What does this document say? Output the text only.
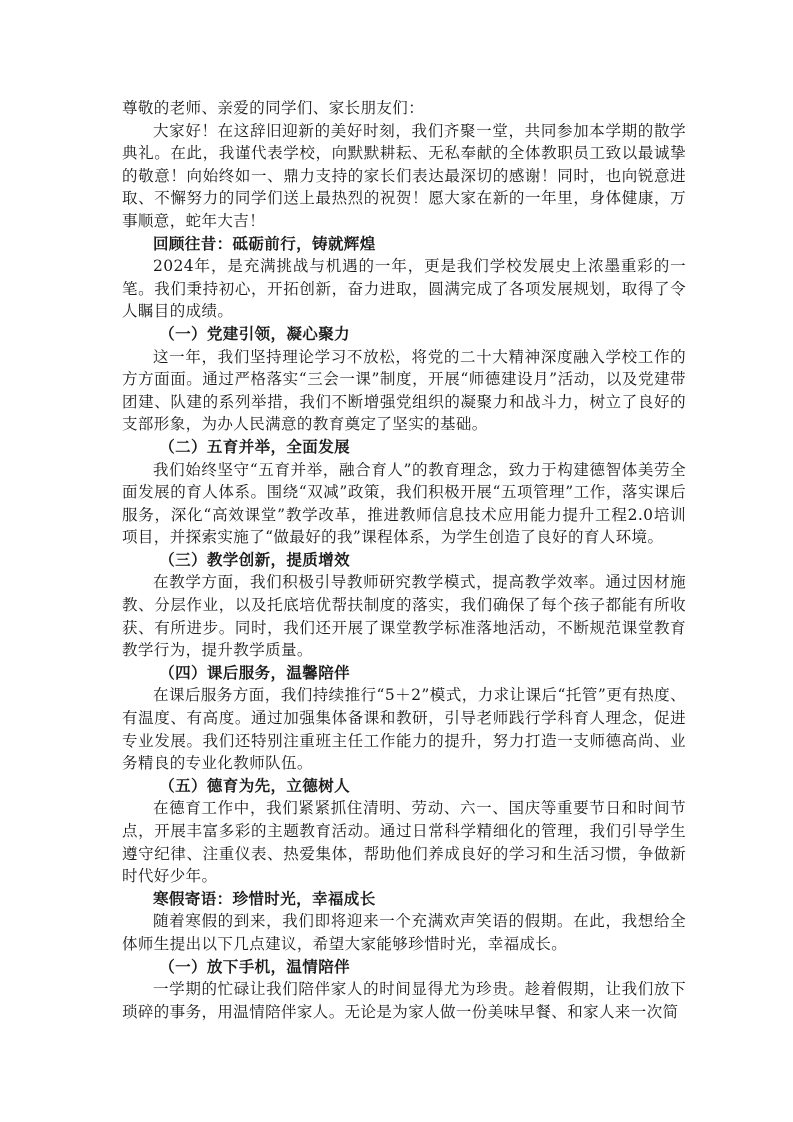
尊敬的老师、亲爱的同学们、家长朋友们：

大家好！在这辞旧迎新的美好时刻，我们齐聚一堂，共同参加本学期的散学典礼。在此，我谨代表学校，向默默耕耘、无私奉献的全体教职员工致以最诚挚的敬意！向始终如一、鼎力支持的家长们表达最深切的感谢！同时，也向锐意进取、不懈努力的同学们送上最热烈的祝贺！愿大家在新的一年里，身体健康，万事顺意，蛇年大吉！

回顾往昔：砥砺前行，铸就辉煌

2024年，是充满挑战与机遇的一年，更是我们学校发展史上浓墨重彩的一笔。我们秉持初心，开拓创新，奋力进取，圆满完成了各项发展规划，取得了令人瞩目的成绩。

（一）党建引领，凝心聚力

这一年，我们坚持理论学习不放松，将党的二十大精神深度融入学校工作的方方面面。通过严格落实“三会一课”制度，开展“师德建设月”活动，以及党建带团建、队建的系列举措，我们不断增强党组织的凝聚力和战斗力，树立了良好的支部形象，为办人民满意的教育奠定了坚实的基础。

（二）五育并举，全面发展

我们始终坚守“五育并举，融合育人”的教育理念，致力于构建德智体美劳全面发展的育人体系。围绕“双减”政策，我们积极开展“五项管理”工作，落实课后服务，深化“高效课堂”教学改革，推进教师信息技术应用能力提升工程2.0培训项目，并探索实施了“做最好的我”课程体系，为学生创造了良好的育人环境。

（三）教学创新，提质增效

在教学方面，我们积极引导教师研究教学模式，提高教学效率。通过因材施教、分层作业，以及托底培优帮扶制度的落实，我们确保了每个孩子都能有所收获、有所进步。同时，我们还开展了课堂教学标准落地活动，不断规范课堂教育教学行为，提升教学质量。

（四）课后服务，温馨陪伴

在课后服务方面，我们持续推行“5＋2”模式，力求让课后“托管”更有热度、有温度、有高度。通过加强集体备课和教研，引导老师践行学科育人理念，促进专业发展。我们还特别注重班主任工作能力的提升，努力打造一支师德高尚、业务精良的专业化教师队伍。

（五）德育为先，立德树人

在德育工作中，我们紧紧抓住清明、劳动、六一、国庆等重要节日和时间节点，开展丰富多彩的主题教育活动。通过日常科学精细化的管理，我们引导学生遵守纪律、注重仪表、热爱集体，帮助他们养成良好的学习和生活习惯，争做新时代好少年。

寒假寄语：珍惜时光，幸福成长

随着寒假的到来，我们即将迎来一个充满欢声笑语的假期。在此，我想给全体师生提出以下几点建议，希望大家能够珍惜时光，幸福成长。

（一）放下手机，温情陪伴

一学期的忙碌让我们陪伴家人的时间显得尤为珍贵。趁着假期，让我们放下琐碎的事务，用温情陪伴家人。无论是为家人做一份美味早餐、和家人来一次简
